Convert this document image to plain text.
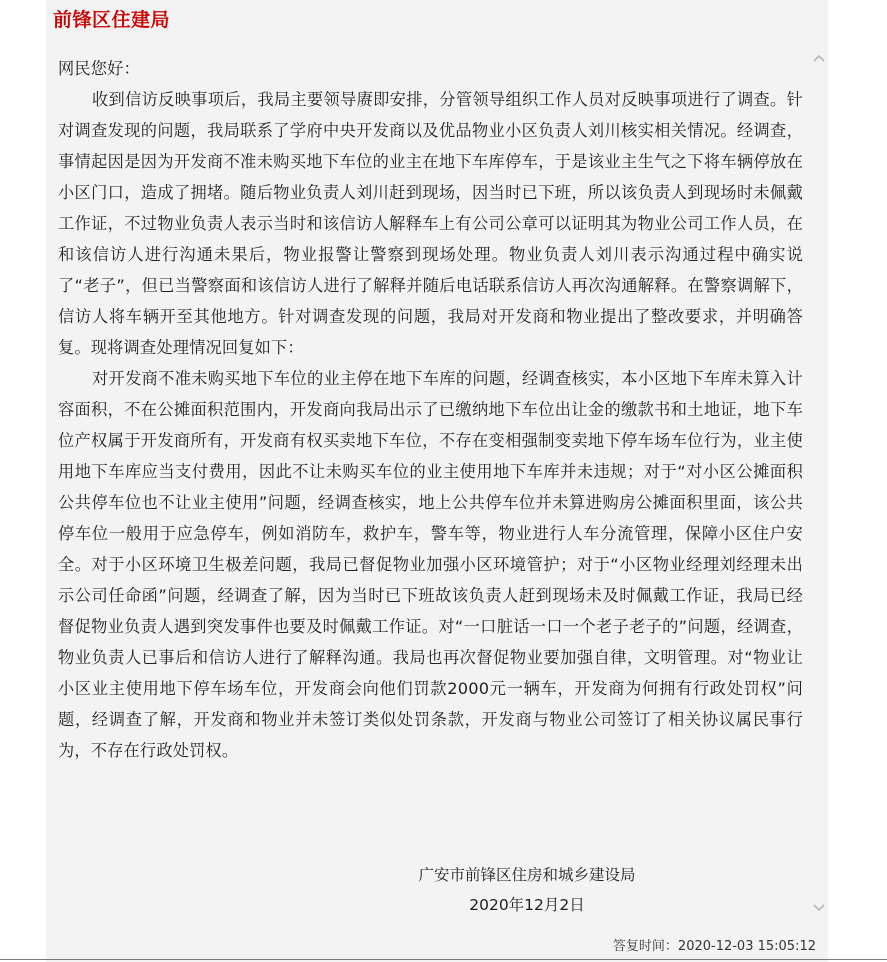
前锋区住建局

网民您好：

收到信访反映事项后，我局主要领导赓即安排，分管领导组织工作人员对反映事项进行了调查。针对调查发现的问题，我局联系了学府中央开发商以及优品物业小区负责人刘川核实相关情况。经调查，事情起因是因为开发商不准未购买地下车位的业主在地下车库停车，于是该业主生气之下将车辆停放在小区门口，造成了拥堵。随后物业负责人刘川赶到现场，因当时已下班，所以该负责人到现场时未佩戴工作证，不过物业负责人表示当时和该信访人解释车上有公司公章可以证明其为物业公司工作人员，在和该信访人进行沟通未果后，物业报警让警察到现场处理。物业负责人刘川表示沟通过程中确实说了“老子”，但已当警察面和该信访人进行了解释并随后电话联系信访人再次沟通解释。在警察调解下，信访人将车辆开至其他地方。针对调查发现的问题，我局对开发商和物业提出了整改要求，并明确答复。现将调查处理情况回复如下：

对开发商不准未购买地下车位的业主停在地下车库的问题，经调查核实，本小区地下车库未算入计容面积，不在公摊面积范围内，开发商向我局出示了已缴纳地下车位出让金的缴款书和土地证，地下车位产权属于开发商所有，开发商有权买卖地下车位，不存在变相强制变卖地下停车场车位行为，业主使用地下车库应当支付费用，因此不让未购买车位的业主使用地下车库并未违规；对于“对小区公摊面积公共停车位也不让业主使用”问题，经调查核实，地上公共停车位并未算进购房公摊面积里面，该公共停车位一般用于应急停车，例如消防车，救护车，警车等，物业进行人车分流管理，保障小区住户安全。对于小区环境卫生极差问题，我局已督促物业加强小区环境管护；对于“小区物业经理刘经理未出示公司任命函”问题，经调查了解，因为当时已下班故该负责人赶到现场未及时佩戴工作证，我局已经督促物业负责人遇到突发事件也要及时佩戴工作证。对“一口脏话一口一个老子老子的”问题，经调查，物业负责人已事后和信访人进行了解释沟通。我局也再次督促物业要加强自律，文明管理。对“物业让小区业主使用地下停车场车位，开发商会向他们罚款2000元一辆车，开发商为何拥有行政处罚权”问题，经调查了解，开发商和物业并未签订类似处罚条款，开发商与物业公司签订了相关协议属民事行为，不存在行政处罚权。

广安市前锋区住房和城乡建设局
2020年12月2日
答复时间：2020-12-03 15:05:12
